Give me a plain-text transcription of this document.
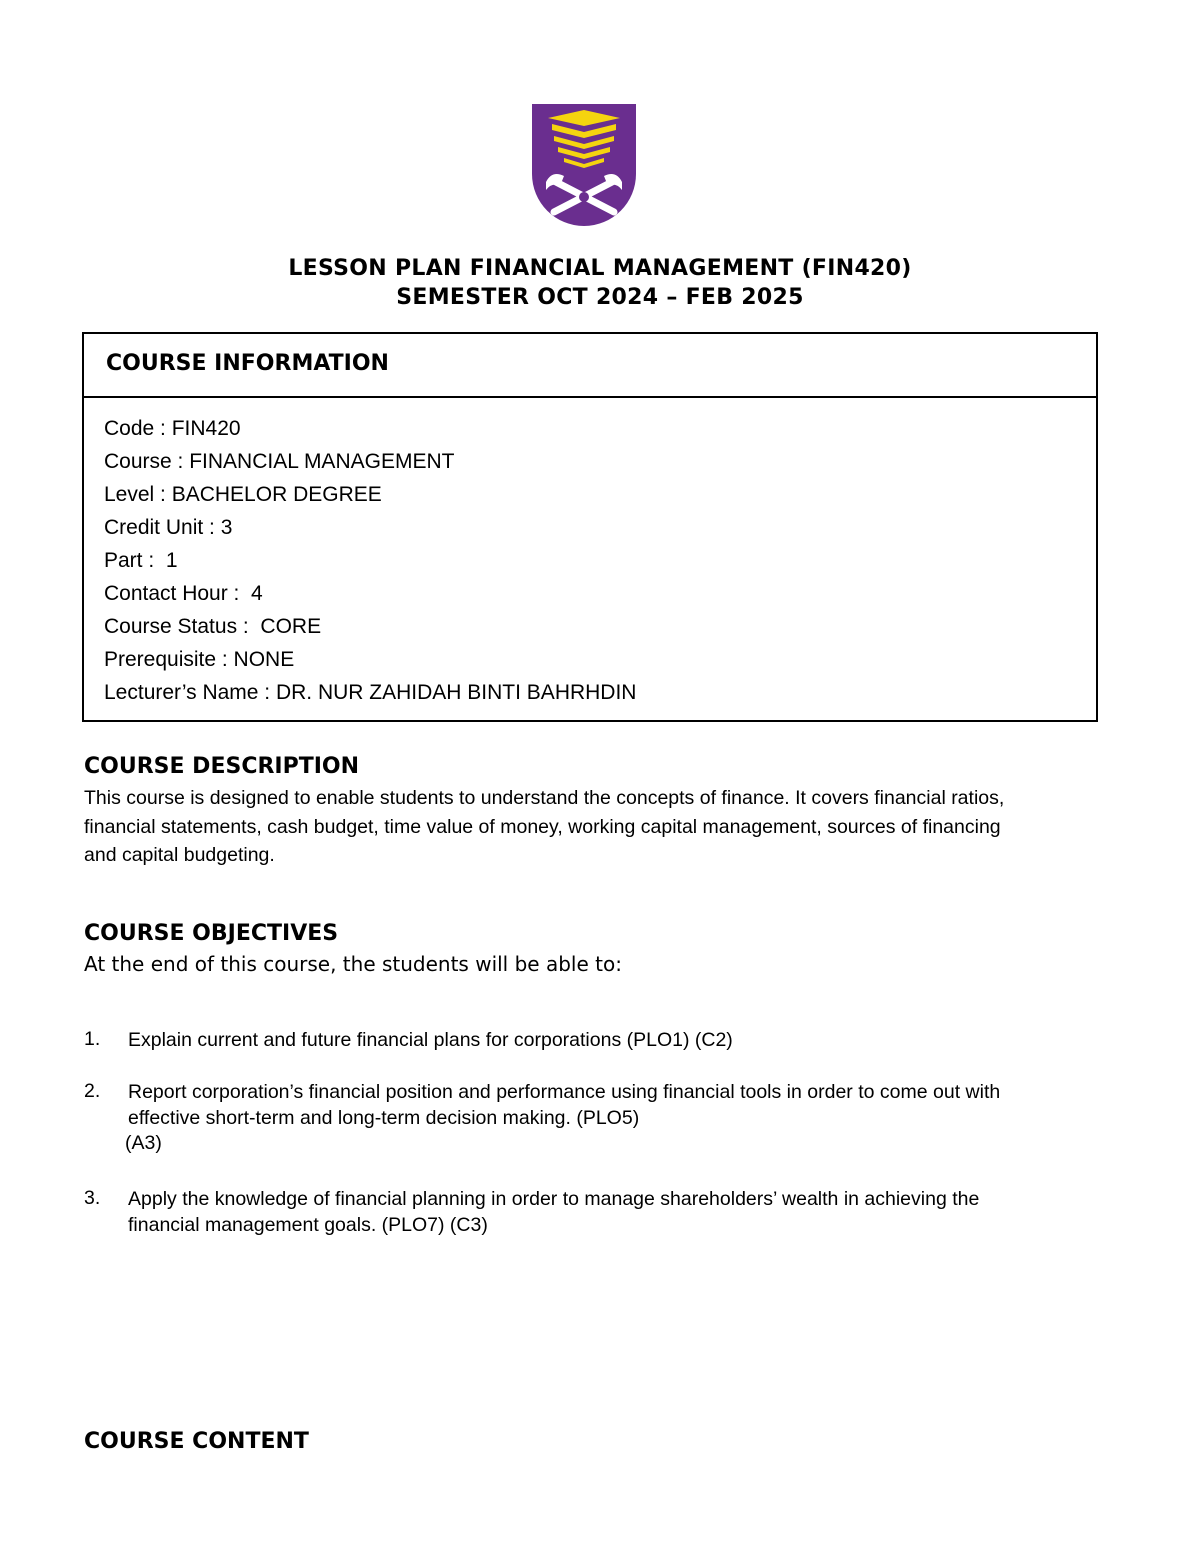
LESSON PLAN FINANCIAL MANAGEMENT (FIN420)
SEMESTER OCT 2024 – FEB 2025
COURSE INFORMATION
Code : FIN420
Course : FINANCIAL MANAGEMENT
Level : BACHELOR DEGREE
Credit Unit : 3
Part :  1
Contact Hour :  4
Course Status :  CORE
Prerequisite : NONE
Lecturer’s Name : DR. NUR ZAHIDAH BINTI BAHRHDIN
COURSE DESCRIPTION
This course is designed to enable students to understand the concepts of finance. It covers financial ratios,
financial statements, cash budget, time value of money, working capital management, sources of financing
and capital budgeting.
COURSE OBJECTIVES
At the end of this course, the students will be able to:
1. Explain current and future financial plans for corporations (PLO1) (C2)
2. Report corporation’s financial position and performance using financial tools in order to come out with
effective short-term and long-term decision making. (PLO5)
(A3)
3. Apply the knowledge of financial planning in order to manage shareholders’ wealth in achieving the
financial management goals. (PLO7) (C3)
COURSE CONTENT
